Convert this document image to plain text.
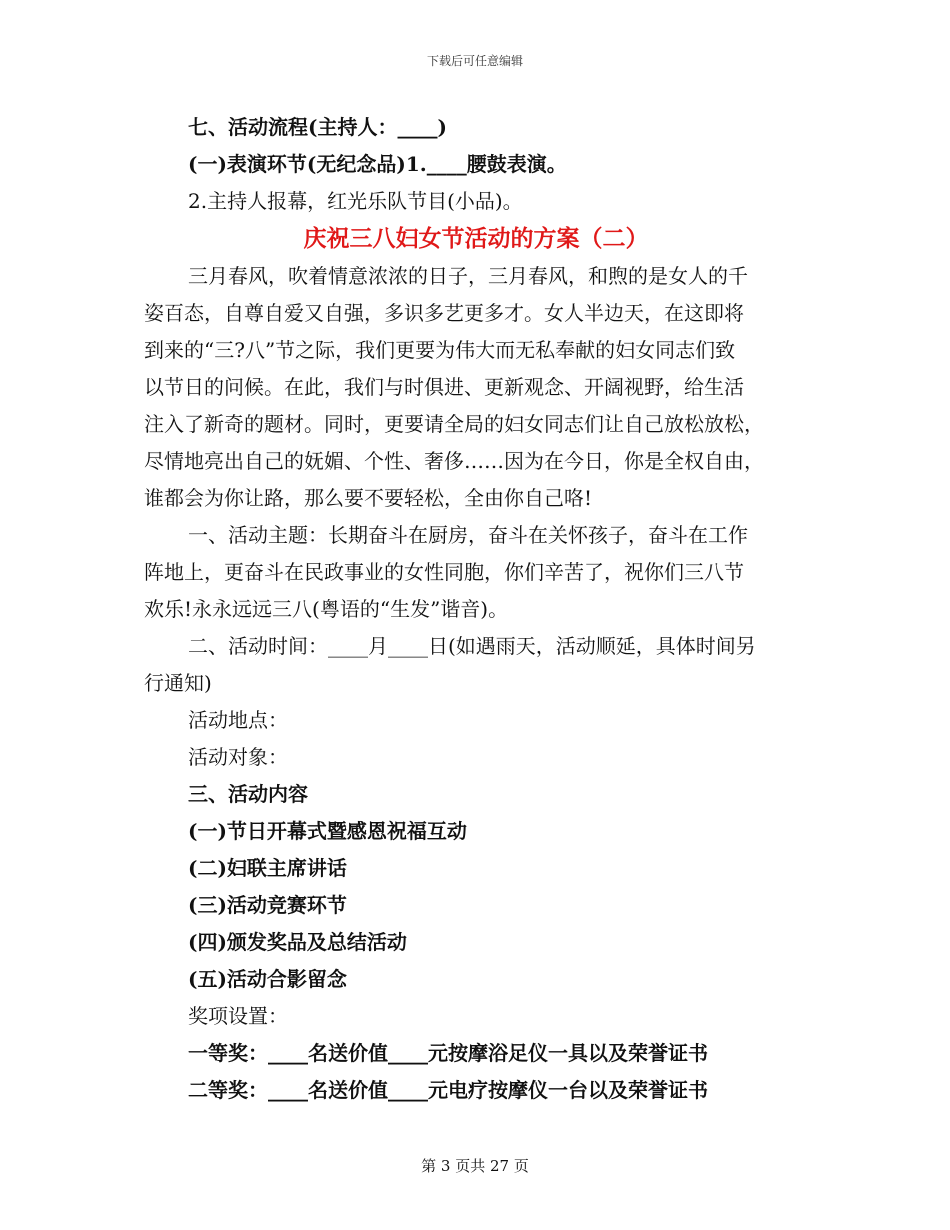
下载后可任意编辑
七、活动流程(主持人：____)
(一)表演环节(无纪念品)1.____腰鼓表演。
2.主持人报幕，红光乐队节目(小品)。
庆祝三八妇女节活动的方案（二）
三月春风，吹着情意浓浓的日子，三月春风，和煦的是女人的千
姿百态，自尊自爱又自强，多识多艺更多才。女人半边天，在这即将
到来的“三?八”节之际，我们更要为伟大而无私奉献的妇女同志们致
以节日的问候。在此，我们与时俱进、更新观念、开阔视野，给生活
注入了新奇的题材。同时，更要请全局的妇女同志们让自己放松放松，
尽情地亮出自己的妩媚、个性、奢侈……因为在今日，你是全权自由，
谁都会为你让路，那么要不要轻松，全由你自己咯!
一、活动主题：长期奋斗在厨房，奋斗在关怀孩子，奋斗在工作
阵地上，更奋斗在民政事业的女性同胞，你们辛苦了，祝你们三八节
欢乐!永永远远三八(粤语的“生发”谐音)。
二、活动时间：____月____日(如遇雨天，活动顺延，具体时间另
行通知)
活动地点：
活动对象：
三、活动内容
(一)节日开幕式暨感恩祝福互动
(二)妇联主席讲话
(三)活动竞赛环节
(四)颁发奖品及总结活动
(五)活动合影留念
奖项设置：
一等奖：____名送价值____元按摩浴足仪一具以及荣誉证书
二等奖：____名送价值____元电疗按摩仪一台以及荣誉证书
第 3 页共 27 页
